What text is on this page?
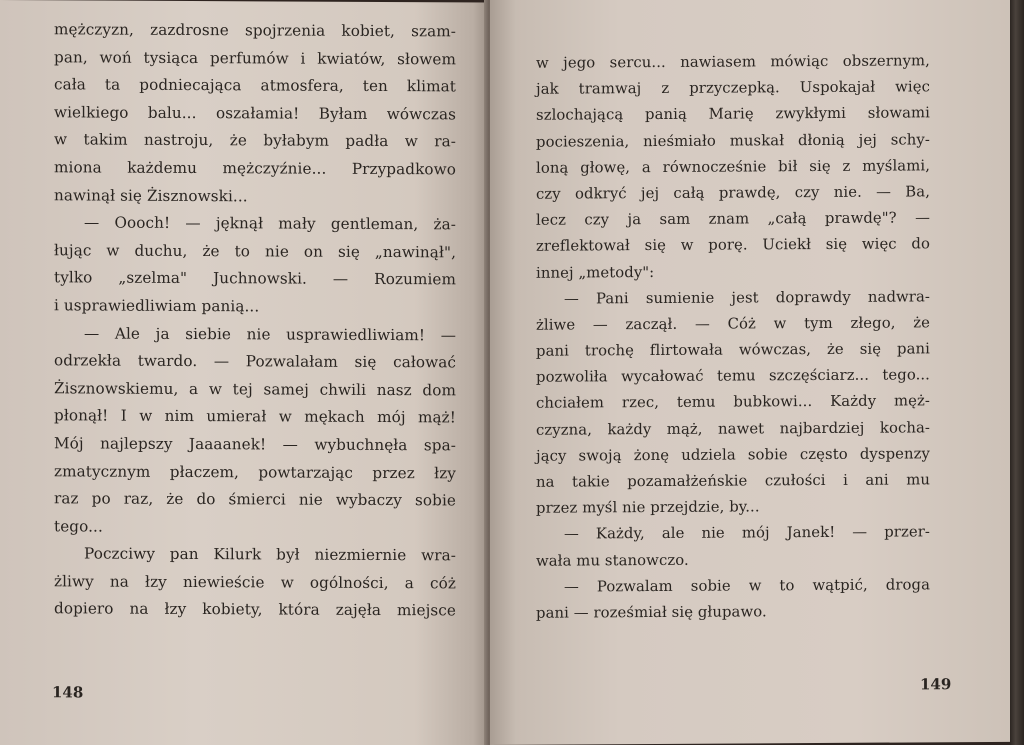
mężczyzn, zazdrosne spojrzenia kobiet, szam-
pan, woń tysiąca perfumów i kwiatów, słowem
cała ta podniecająca atmosfera, ten klimat
wielkiego balu... oszałamia! Byłam wówczas
w takim nastroju, że byłabym padła w ra-
miona każdemu mężczyźnie... Przypadkowo
nawinął się Żisznowski...
— Oooch! — jęknął mały gentleman, ża-
łując w duchu, że to nie on się „nawinął",
tylko „szelma" Juchnowski. — Rozumiem
i usprawiedliwiam panią...
— Ale ja siebie nie usprawiedliwiam! —
odrzekła twardo. — Pozwalałam się całować
Żisznowskiemu, a w tej samej chwili nasz dom
płonął! I w nim umierał w mękach mój mąż!
Mój najlepszy Jaaaanek! — wybuchnęła spa-
zmatycznym płaczem, powtarzając przez łzy
raz po raz, że do śmierci nie wybaczy sobie
tego...
Poczciwy pan Kilurk był niezmiernie wra-
żliwy na łzy niewieście w ogólności, a cóż
dopiero na łzy kobiety, która zajęła miejsce
148
w jego sercu... nawiasem mówiąc obszernym,
jak tramwaj z przyczepką. Uspokajał więc
szlochającą panią Marię zwykłymi słowami
pocieszenia, nieśmiało muskał dłonią jej schy-
loną głowę, a równocześnie bił się z myślami,
czy odkryć jej całą prawdę, czy nie. — Ba,
lecz czy ja sam znam „całą prawdę"? —
zreflektował się w porę. Uciekł się więc do
innej „metody":
— Pani sumienie jest doprawdy nadwra-
żliwe — zaczął. — Cóż w tym złego, że
pani trochę flirtowała wówczas, że się pani
pozwoliła wycałować temu szczęściarz... tego...
chciałem rzec, temu bubkowi... Każdy męż-
czyzna, każdy mąż, nawet najbardziej kocha-
jący swoją żonę udziela sobie często dyspenzy
na takie pozamałżeńskie czułości i ani mu
przez myśl nie przejdzie, by...
— Każdy, ale nie mój Janek! — przer-
wała mu stanowczo.
— Pozwalam sobie w to wątpić, droga
pani — roześmiał się głupawo.
149
